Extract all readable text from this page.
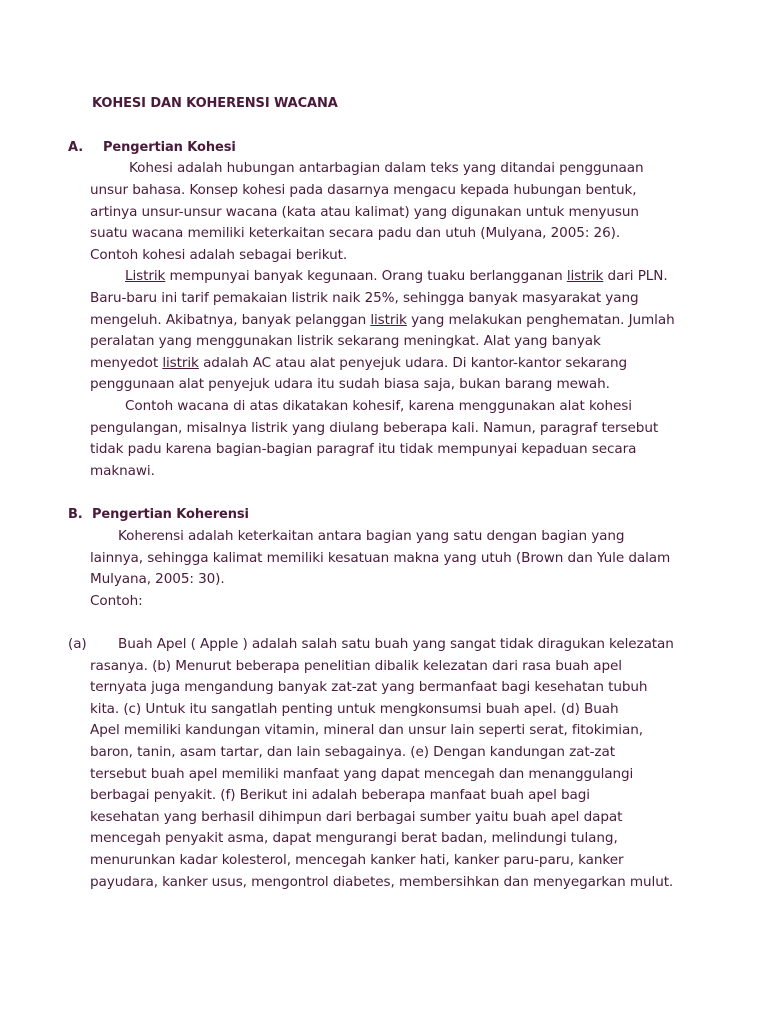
KOHESI DAN KOHERENSI WACANA
A. Pengertian Kohesi
Kohesi adalah hubungan antarbagian dalam teks yang ditandai penggunaan
unsur bahasa. Konsep kohesi pada dasarnya mengacu kepada hubungan bentuk,
artinya unsur-unsur wacana (kata atau kalimat) yang digunakan untuk menyusun
suatu wacana memiliki keterkaitan secara padu dan utuh (Mulyana, 2005: 26).
Contoh kohesi adalah sebagai berikut.
Listrik mempunyai banyak kegunaan. Orang tuaku berlangganan listrik dari PLN.
Baru-baru ini tarif pemakaian listrik naik 25%, sehingga banyak masyarakat yang
mengeluh. Akibatnya, banyak pelanggan listrik yang melakukan penghematan. Jumlah
peralatan yang menggunakan listrik sekarang meningkat. Alat yang banyak
menyedot listrik adalah AC atau alat penyejuk udara. Di kantor-kantor sekarang
penggunaan alat penyejuk udara itu sudah biasa saja, bukan barang mewah.
Contoh wacana di atas dikatakan kohesif, karena menggunakan alat kohesi
pengulangan, misalnya listrik yang diulang beberapa kali. Namun, paragraf tersebut
tidak padu karena bagian-bagian paragraf itu tidak mempunyai kepaduan secara
maknawi.
B. Pengertian Koherensi
Koherensi adalah keterkaitan antara bagian yang satu dengan bagian yang
lainnya, sehingga kalimat memiliki kesatuan makna yang utuh (Brown dan Yule dalam
Mulyana, 2005: 30).
Contoh:
(a) Buah Apel ( Apple ) adalah salah satu buah yang sangat tidak diragukan kelezatan
rasanya. (b) Menurut beberapa penelitian dibalik kelezatan dari rasa buah apel
ternyata juga mengandung banyak zat-zat yang bermanfaat bagi kesehatan tubuh
kita. (c) Untuk itu sangatlah penting untuk mengkonsumsi buah apel. (d) Buah
Apel memiliki kandungan vitamin, mineral dan unsur lain seperti serat, fitokimian,
baron, tanin, asam tartar, dan lain sebagainya. (e) Dengan kandungan zat-zat
tersebut buah apel memiliki manfaat yang dapat mencegah dan menanggulangi
berbagai penyakit. (f) Berikut ini adalah beberapa manfaat buah apel bagi
kesehatan yang berhasil dihimpun dari berbagai sumber yaitu buah apel dapat
mencegah penyakit asma, dapat mengurangi berat badan, melindungi tulang,
menurunkan kadar kolesterol, mencegah kanker hati, kanker paru-paru, kanker
payudara, kanker usus, mengontrol diabetes, membersihkan dan menyegarkan mulut.
